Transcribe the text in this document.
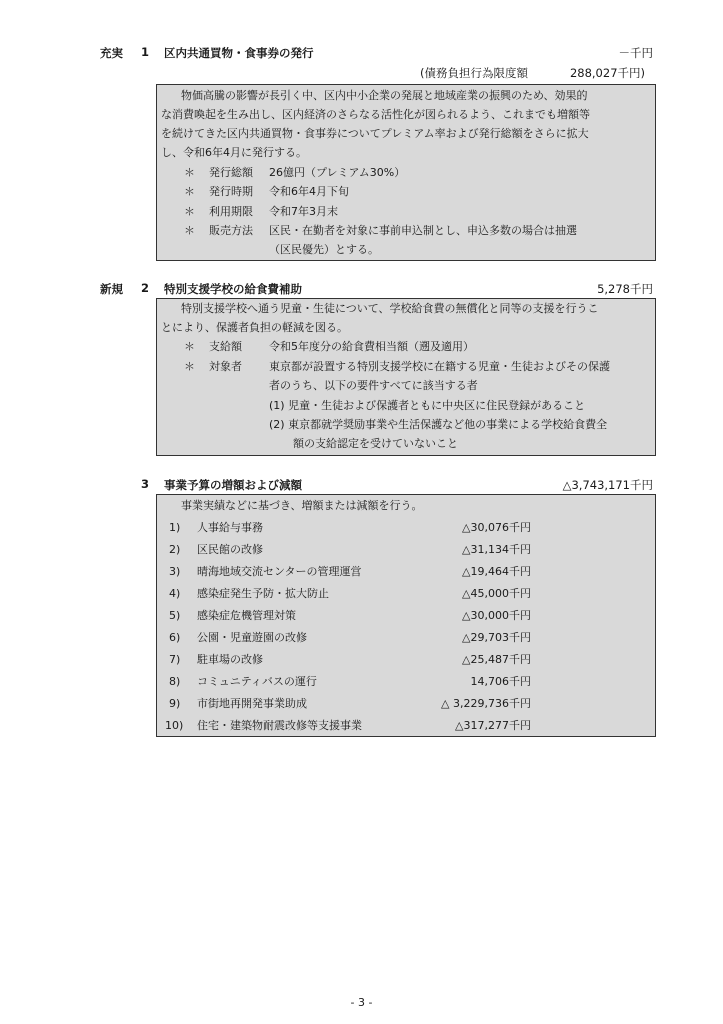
充実 1 区内共通買物・食事券の発行	－千円
(債務負担行為限度額	288,027千円)
物価高騰の影響が長引く中、区内中小企業の発展と地域産業の振興のため、効果的
な消費喚起を生み出し、区内経済のさらなる活性化が図られるよう、これまでも増額等
を続けてきた区内共通買物・食事券についてプレミアム率および発行総額をさらに拡大
し、令和6年4月に発行する。
＊ 発行総額 26億円（プレミアム30%）
＊ 発行時期 令和6年4月下旬
＊ 利用期限 令和7年3月末
＊ 販売方法 区民・在勤者を対象に事前申込制とし、申込多数の場合は抽選
（区民優先）とする。
新規 2 特別支援学校の給食費補助	5,278千円
特別支援学校へ通う児童・生徒について、学校給食費の無償化と同等の支援を行うこ
とにより、保護者負担の軽減を図る。
＊ 支給額 令和5年度分の給食費相当額（遡及適用）
＊ 対象者 東京都が設置する特別支援学校に在籍する児童・生徒およびその保護
者のうち、以下の要件すべてに該当する者
(1) 児童・生徒および保護者ともに中央区に住民登録があること
(2) 東京都就学奨励事業や生活保護など他の事業による学校給食費全
額の支給認定を受けていないこと
3 事業予算の増額および減額	△3,743,171千円
事業実績などに基づき、増額または減額を行う。
1) 人事給与事務	△30,076千円
2) 区民館の改修	△31,134千円
3) 晴海地域交流センターの管理運営	△19,464千円
4) 感染症発生予防・拡大防止	△45,000千円
5) 感染症危機管理対策	△30,000千円
6) 公園・児童遊園の改修	△29,703千円
7) 駐車場の改修	△25,487千円
8) コミュニティバスの運行	14,706千円
9) 市街地再開発事業助成	△ 3,229,736千円
10) 住宅・建築物耐震改修等支援事業	△317,277千円
- 3 -
